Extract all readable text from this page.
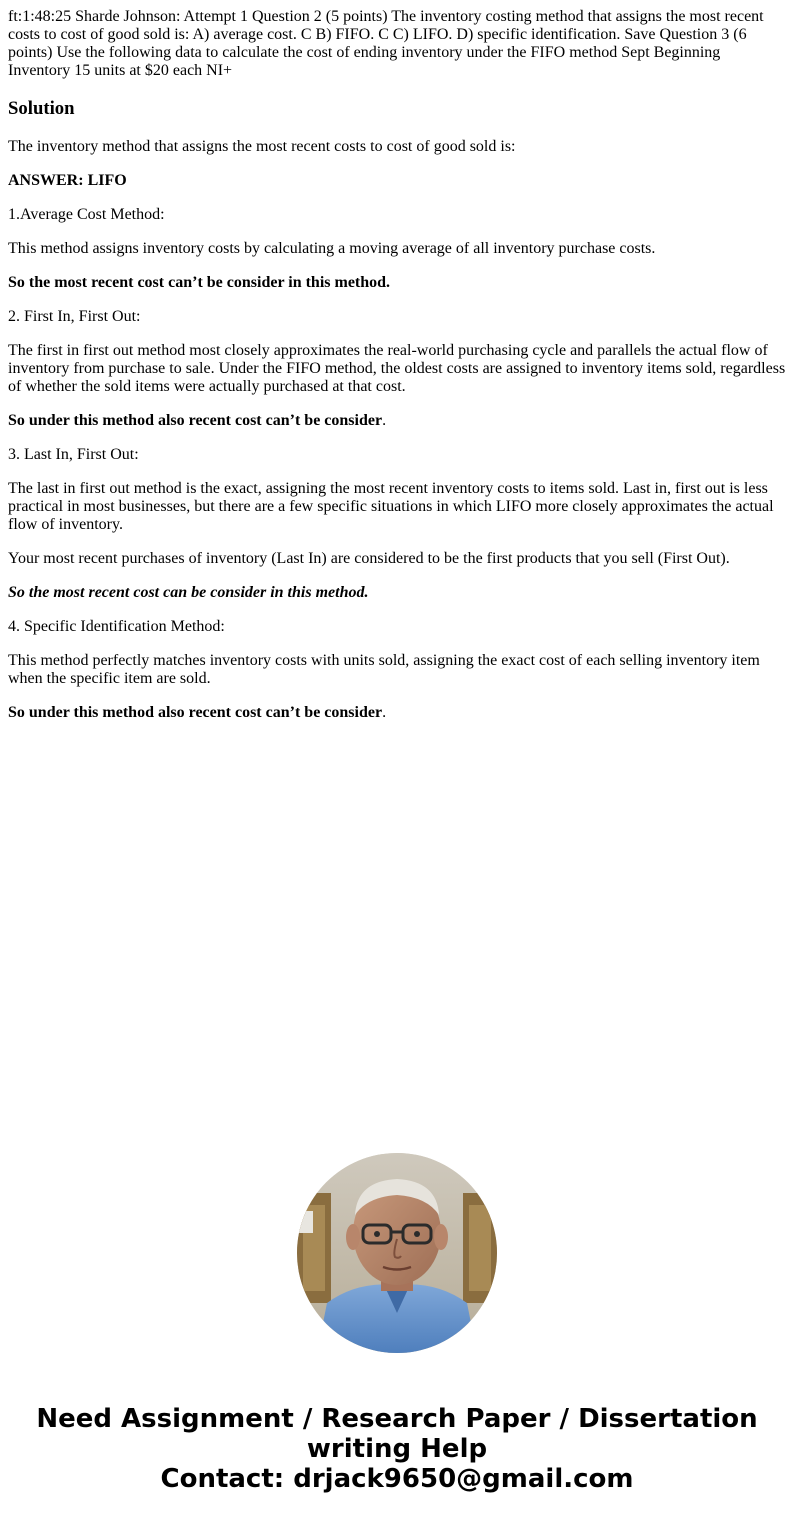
ft:1:48:25 Sharde Johnson: Attempt 1 Question 2 (5 points) The inventory costing method that assigns the most recent costs to cost of good sold is: A) average cost. C B) FIFO. C C) LIFO. D) specific identification. Save Question 3 (6 points) Use the following data to calculate the cost of ending inventory under the FIFO method Sept Beginning Inventory 15 units at $20 each NI+

Solution

The inventory method that assigns the most recent costs to cost of good sold is:

ANSWER: LIFO

1.Average Cost Method:

This method assigns inventory costs by calculating a moving average of all inventory purchase costs.

So the most recent cost can’t be consider in this method.

2. First In, First Out:

The first in first out method most closely approximates the real-world purchasing cycle and parallels the actual flow of inventory from purchase to sale. Under the FIFO method, the oldest costs are assigned to inventory items sold, regardless of whether the sold items were actually purchased at that cost.

So under this method also recent cost can’t be consider.

3. Last In, First Out:

The last in first out method is the exact, assigning the most recent inventory costs to items sold. Last in, first out is less practical in most businesses, but there are a few specific situations in which LIFO more closely approximates the actual flow of inventory.

Your most recent purchases of inventory (Last In) are considered to be the first products that you sell (First Out).

So the most recent cost can be consider in this method.

4. Specific Identification Method:

This method perfectly matches inventory costs with units sold, assigning the exact cost of each selling inventory item when the specific item are sold.

So under this method also recent cost can’t be consider.

Need Assignment / Research Paper / Dissertation
writing Help
Contact: drjack9650@gmail.com
